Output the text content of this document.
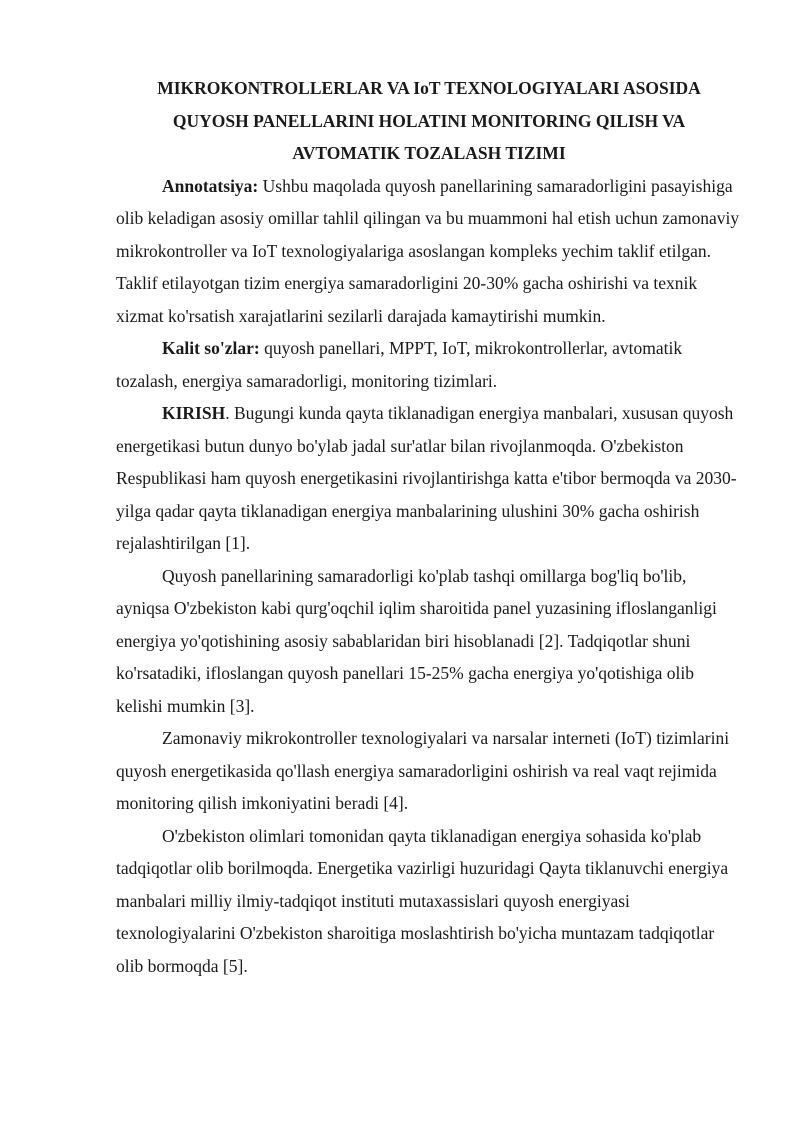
MIKROKONTROLLERLAR VA IoT TEXNOLOGIYALARI ASOSIDA
QUYOSH PANELLARINI HOLATINI MONITORING QILISH VA
AVTOMATIK TOZALASH TIZIMI

Annotatsiya: Ushbu maqolada quyosh panellarining samaradorligini pasayishiga olib keladigan asosiy omillar tahlil qilingan va bu muammoni hal etish uchun zamonaviy mikrokontroller va IoT texnologiyalariga asoslangan kompleks yechim taklif etilgan. Taklif etilayotgan tizim energiya samaradorligini 20-30% gacha oshirishi va texnik xizmat ko'rsatish xarajatlarini sezilarli darajada kamaytirishi mumkin.

Kalit so'zlar: quyosh panellari, MPPT, IoT, mikrokontrollerlar, avtomatik tozalash, energiya samaradorligi, monitoring tizimlari.

KIRISH. Bugungi kunda qayta tiklanadigan energiya manbalari, xususan quyosh energetikasi butun dunyo bo'ylab jadal sur'atlar bilan rivojlanmoqda. O'zbekiston Respublikasi ham quyosh energetikasini rivojlantirishga katta e'tibor bermoqda va 2030-yilga qadar qayta tiklanadigan energiya manbalarining ulushini 30% gacha oshirish rejalashtirilgan [1].

Quyosh panellarining samaradorligi ko'plab tashqi omillarga bog'liq bo'lib, ayniqsa O'zbekiston kabi qurg'oqchil iqlim sharoitida panel yuzasining ifloslanganligi energiya yo'qotishining asosiy sabablaridan biri hisoblanadi [2]. Tadqiqotlar shuni ko'rsatadiki, ifloslangan quyosh panellari 15-25% gacha energiya yo'qotishiga olib kelishi mumkin [3].

Zamonaviy mikrokontroller texnologiyalari va narsalar interneti (IoT) tizimlarini quyosh energetikasida qo'llash energiya samaradorligini oshirish va real vaqt rejimida monitoring qilish imkoniyatini beradi [4].

O'zbekiston olimlari tomonidan qayta tiklanadigan energiya sohasida ko'plab tadqiqotlar olib borilmoqda. Energetika vazirligi huzuridagi Qayta tiklanuvchi energiya manbalari milliy ilmiy-tadqiqot instituti mutaxassislari quyosh energiyasi texnologiyalarini O'zbekiston sharoitiga moslashtirish bo'yicha muntazam tadqiqotlar olib bormoqda [5].
